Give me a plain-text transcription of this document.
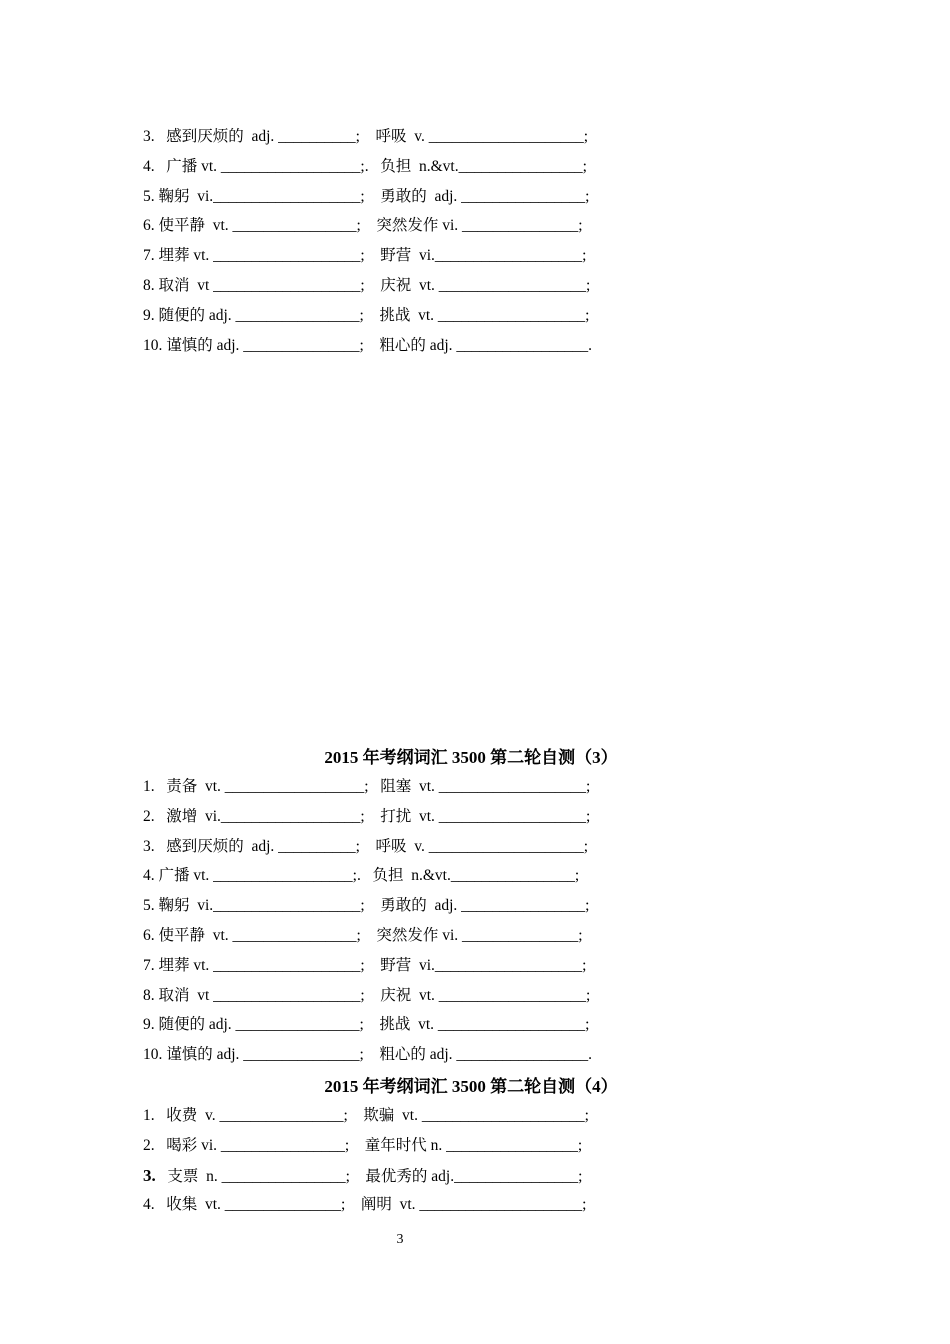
3.   感到厌烦的  adj. __________;    呼吸  v. ____________________;
4.   广播 vt. __________________;.   负担  n.&vt.________________;
5. 鞠躬  vi.___________________;    勇敢的  adj. ________________;
6. 使平静  vt. ________________;    突然发作 vi. _______________;
7. 埋葬 vt. ___________________;    野营  vi.___________________;
8. 取消  vt ___________________;    庆祝  vt. ___________________;
9. 随便的 adj. ________________;    挑战  vt. ___________________;
10. 谨慎的 adj. _______________;    粗心的 adj. _________________.
2015 年考纲词汇 3500 第二轮自测（3）
1.   责备  vt. __________________;   阻塞  vt. ___________________;
2.   激增  vi.__________________;    打扰  vt. ___________________;
3.   感到厌烦的  adj. __________;    呼吸  v. ____________________;
4. 广播 vt. __________________;.   负担  n.&vt.________________;
5. 鞠躬  vi.___________________;    勇敢的  adj. ________________;
6. 使平静  vt. ________________;    突然发作 vi. _______________;
7. 埋葬 vt. ___________________;    野营  vi.___________________;
8. 取消  vt ___________________;    庆祝  vt. ___________________;
9. 随便的 adj. ________________;    挑战  vt. ___________________;
10. 谨慎的 adj. _______________;    粗心的 adj. _________________.
2015 年考纲词汇 3500 第二轮自测（4）
1.   收费  v. ________________;    欺骗  vt. _____________________;
2.   喝彩 vi. ________________;    童年时代 n. _________________;
3.   支票  n. ________________;    最优秀的 adj.________________;
4.   收集  vt. _______________;    阐明  vt. _____________________;
3
